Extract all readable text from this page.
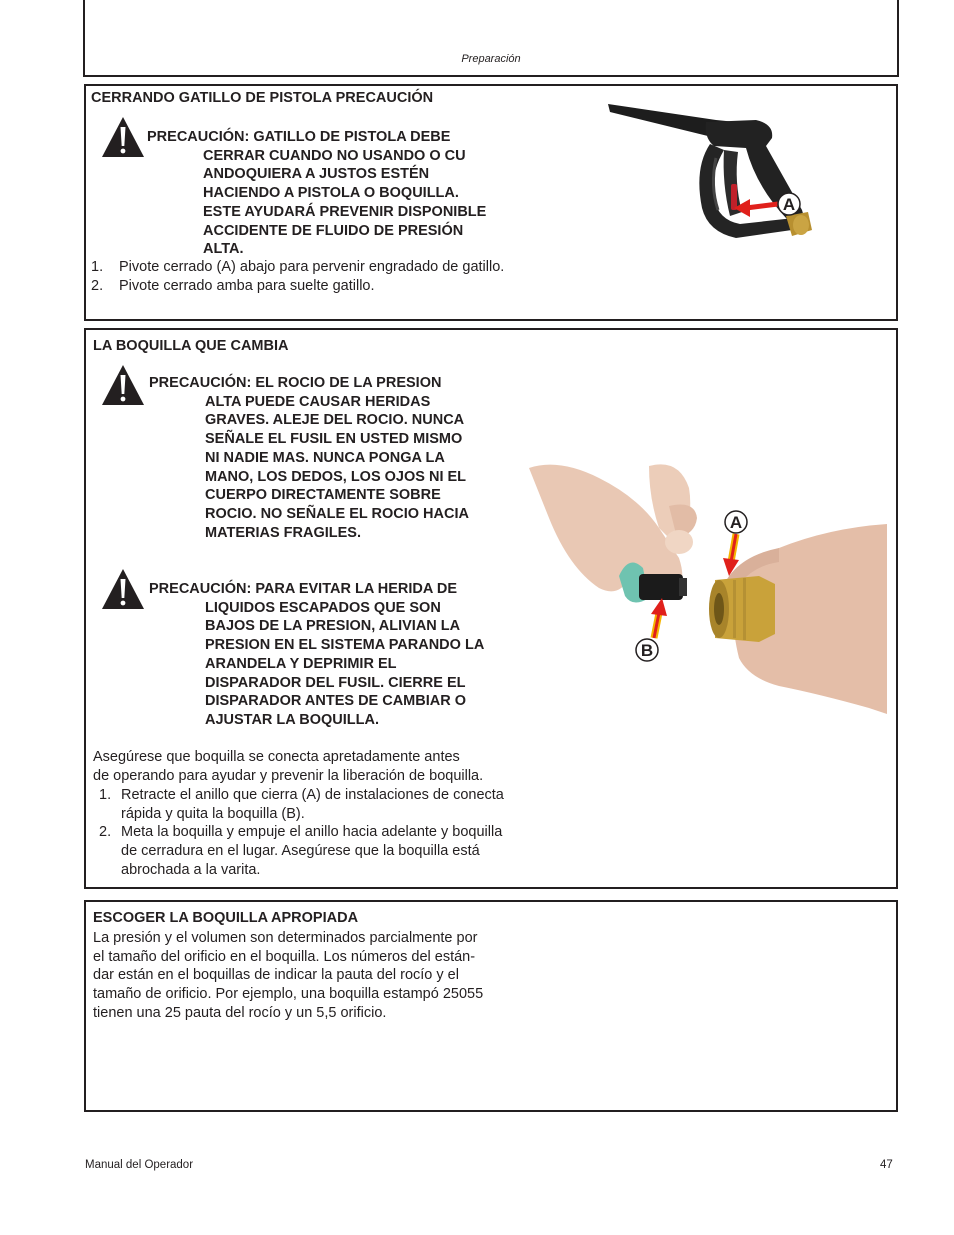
Preparación
CERRANDO GATILLO DE PISTOLA PRECAUCIÓN
PRECAUCIÓN: GATILLO DE PISTOLA DEBE
CERRAR CUANDO NO USANDO O CU
ANDOQUIERA A JUSTOS ESTÉN
HACIENDO A PISTOLA O BOQUILLA.
ESTE AYUDARÁ PREVENIR DISPONIBLE
ACCIDENTE DE FLUIDO DE PRESIÓN
ALTA.
1. Pivote cerrado (A) abajo para pervenir engradado de gatillo.
2. Pivote cerrado amba para suelte gatillo.
A
LA BOQUILLA QUE CAMBIA
PRECAUCIÓN: EL ROCIO DE LA PRESION
ALTA PUEDE CAUSAR HERIDAS
GRAVES. ALEJE DEL ROCIO. NUNCA
SEÑALE EL FUSIL EN USTED MISMO
NI NADIE MAS. NUNCA PONGA LA
MANO, LOS DEDOS, LOS OJOS NI EL
CUERPO DIRECTAMENTE SOBRE
ROCIO. NO SEÑALE EL ROCIO HACIA
MATERIAS FRAGILES.
PRECAUCIÓN: PARA EVITAR LA HERIDA DE
LIQUIDOS ESCAPADOS QUE SON
BAJOS DE LA PRESION, ALIVIAN LA
PRESION EN EL SISTEMA PARANDO LA
ARANDELA Y DEPRIMIR EL
DISPARADOR DEL FUSIL. CIERRE EL
DISPARADOR ANTES DE CAMBIAR O
AJUSTAR LA BOQUILLA.
Asegúrese que boquilla se conecta apretadamente antes
de operando para ayudar y prevenir la liberación de boquilla.
1. Retracte el anillo que cierra (A) de instalaciones de conecta rápida y quita la boquilla (B).
2. Meta la boquilla y empuje el anillo hacia adelante y boquilla de cerradura en el lugar. Asegúrese que la boquilla está abrochada a la varita.
A
B
ESCOGER LA BOQUILLA APROPIADA
La presión y el volumen son determinados parcialmente por
el tamaño del orificio en el boquilla. Los números del están-
dar están en el boquillas de indicar la pauta del rocío y el
tamaño de orificio. Por ejemplo, una boquilla estampó 25055
tienen una 25 pauta del rocío y un 5,5 orificio.
Manual del Operador	47
